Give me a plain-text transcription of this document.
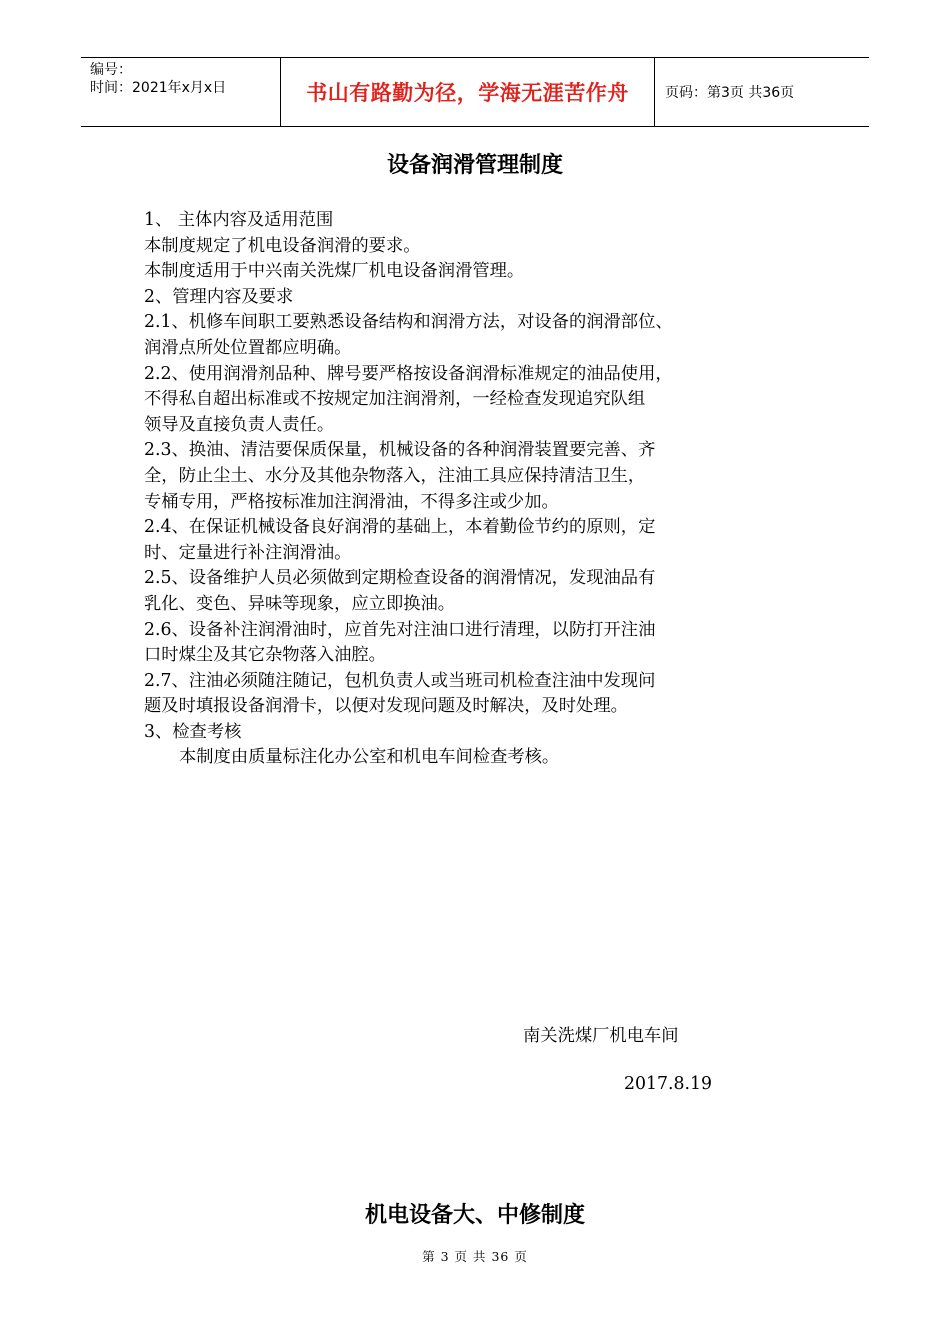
编号：
时间：2021年x月x日	书山有路勤为径，学海无涯苦作舟	页码：第3页 共36页
设备润滑管理制度

1、 主体内容及适用范围

本制度规定了机电设备润滑的要求。

本制度适用于中兴南关洗煤厂机电设备润滑管理。

2、管理内容及要求

2.1、机修车间职工要熟悉设备结构和润滑方法，对设备的润滑部位、

润滑点所处位置都应明确。

2.2、使用润滑剂品种、牌号要严格按设备润滑标准规定的油品使用，

不得私自超出标准或不按规定加注润滑剂，一经检查发现追究队组

领导及直接负责人责任。

2.3、换油、清洁要保质保量，机械设备的各种润滑装置要完善、齐

全，防止尘土、水分及其他杂物落入，注油工具应保持清洁卫生，

专桶专用，严格按标准加注润滑油，不得多注或少加。

2.4、在保证机械设备良好润滑的基础上，本着勤俭节约的原则，定

时、定量进行补注润滑油。

2.5、设备维护人员必须做到定期检查设备的润滑情况，发现油品有

乳化、变色、异味等现象，应立即换油。

2.6、设备补注润滑油时，应首先对注油口进行清理，以防打开注油

口时煤尘及其它杂物落入油腔。

2.7、注油必须随注随记，包机负责人或当班司机检查注油中发现问

题及时填报设备润滑卡，以便对发现问题及时解决，及时处理。

3、检查考核

本制度由质量标注化办公室和机电车间检查考核。

南关洗煤厂机电车间
2017.8.19
机电设备大、中修制度
第 3 页 共 36 页
